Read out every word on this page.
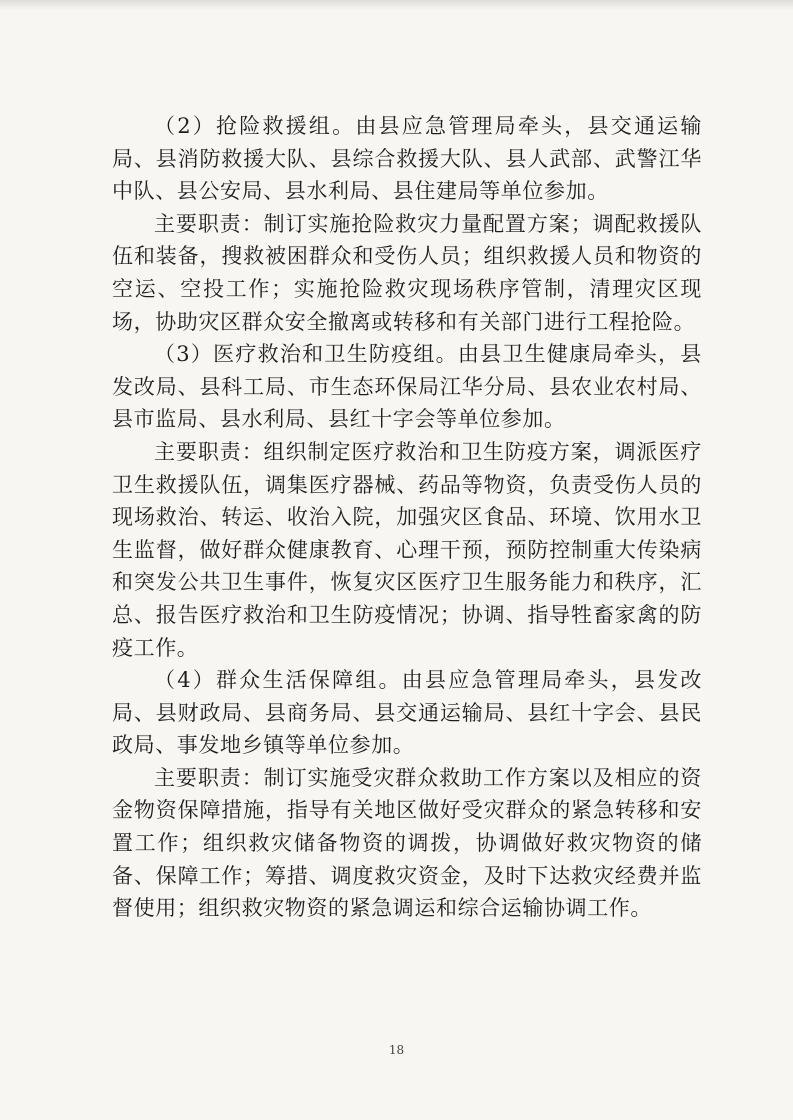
（2）抢险救援组。由县应急管理局牵头，县交通运输局、县消防救援大队、县综合救援大队、县人武部、武警江华中队、县公安局、县水利局、县住建局等单位参加。

主要职责：制订实施抢险救灾力量配置方案；调配救援队伍和装备，搜救被困群众和受伤人员；组织救援人员和物资的空运、空投工作；实施抢险救灾现场秩序管制，清理灾区现场，协助灾区群众安全撤离或转移和有关部门进行工程抢险。

（3）医疗救治和卫生防疫组。由县卫生健康局牵头，县发改局、县科工局、市生态环保局江华分局、县农业农村局、县市监局、县水利局、县红十字会等单位参加。

主要职责：组织制定医疗救治和卫生防疫方案，调派医疗卫生救援队伍，调集医疗器械、药品等物资，负责受伤人员的现场救治、转运、收治入院，加强灾区食品、环境、饮用水卫生监督，做好群众健康教育、心理干预，预防控制重大传染病和突发公共卫生事件，恢复灾区医疗卫生服务能力和秩序，汇总、报告医疗救治和卫生防疫情况；协调、指导牲畜家禽的防疫工作。

（4）群众生活保障组。由县应急管理局牵头，县发改局、县财政局、县商务局、县交通运输局、县红十字会、县民政局、事发地乡镇等单位参加。

主要职责：制订实施受灾群众救助工作方案以及相应的资金物资保障措施，指导有关地区做好受灾群众的紧急转移和安置工作；组织救灾储备物资的调拨，协调做好救灾物资的储备、保障工作；筹措、调度救灾资金，及时下达救灾经费并监督使用；组织救灾物资的紧急调运和综合运输协调工作。

18
